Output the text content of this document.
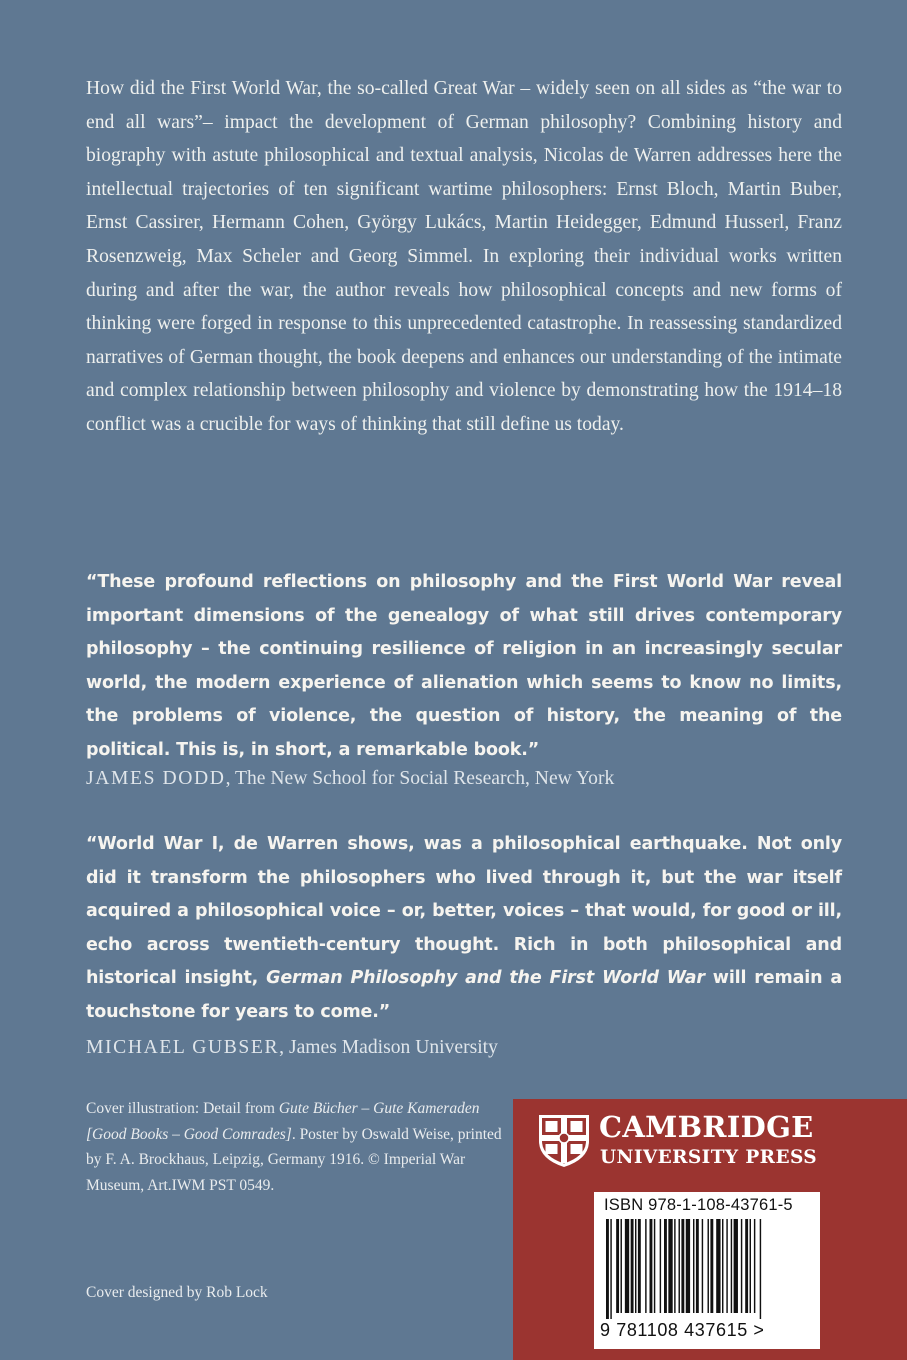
How did the First World War, the so-called Great War – widely seen on all sides as “the war to end all wars”– impact the development of German philosophy? Combining history and biography with astute philosophical and textual analysis, Nicolas de Warren addresses here the intellectual trajectories of ten significant wartime philosophers: Ernst Bloch, Martin Buber, Ernst Cassirer, Hermann Cohen, György Lukács, Martin Heidegger, Edmund Husserl, Franz Rosenzweig, Max Scheler and Georg Simmel. In exploring their individual works written during and after the war, the author reveals how philosophical concepts and new forms of thinking were forged in response to this unprecedented catastrophe. In reassessing standardized narratives of German thought, the book deepens and enhances our understanding of the intimate and complex relationship between philosophy and violence by demonstrating how the 1914–18 conflict was a crucible for ways of thinking that still define us today.

“These profound reflections on philosophy and the First World War reveal important dimensions of the genealogy of what still drives contemporary philosophy – the continuing resilience of religion in an increasingly secular world, the modern experience of alienation which seems to know no limits, the problems of violence, the question of history, the meaning of the political. This is, in short, a remarkable book.”

JAMES DODD, The New School for Social Research, New York

“World War I, de Warren shows, was a philosophical earthquake. Not only did it transform the philosophers who lived through it, but the war itself acquired a philosophical voice – or, better, voices – that would, for good or ill, echo across twentieth-century thought. Rich in both philosophical and historical insight, German Philosophy and the First World War will remain a touchstone for years to come.”

MICHAEL GUBSER, James Madison University

Cover illustration: Detail from Gute Bücher – Gute Kameraden [Good Books – Good Comrades]. Poster by Oswald Weise, printed by F. A. Brockhaus, Leipzig, Germany 1916. © Imperial War Museum, Art.IWM PST 0549.

Cover designed by Rob Lock

CAMBRIDGE
UNIVERSITY PRESS
ISBN 978-1-108-43761-5
9 781108 437615 >
